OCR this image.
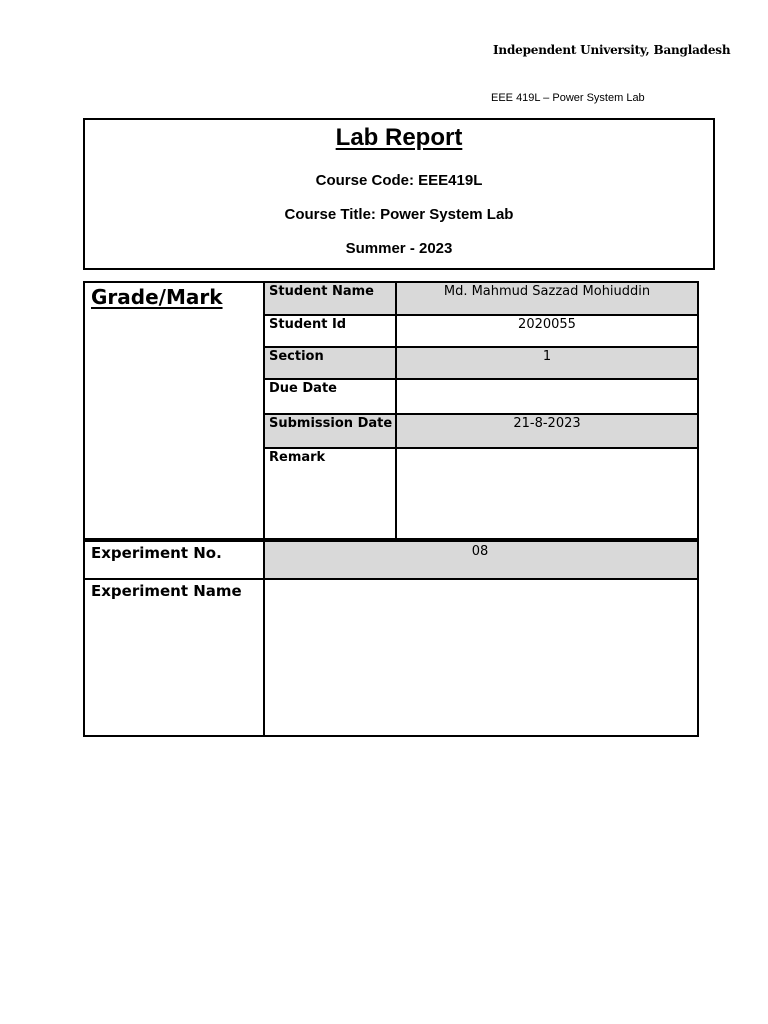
Independent University, Bangladesh
EEE 419L – Power System Lab
Lab Report
Course Code: EEE419L
Course Title: Power System Lab
Summer - 2023
Grade/Mark	Student Name	Md. Mahmud Sazzad Mohiuddin
Student Id	2020055
Section	1
Due Date
Submission Date	21-8-2023
Remark
Experiment No.	08
Experiment Name
